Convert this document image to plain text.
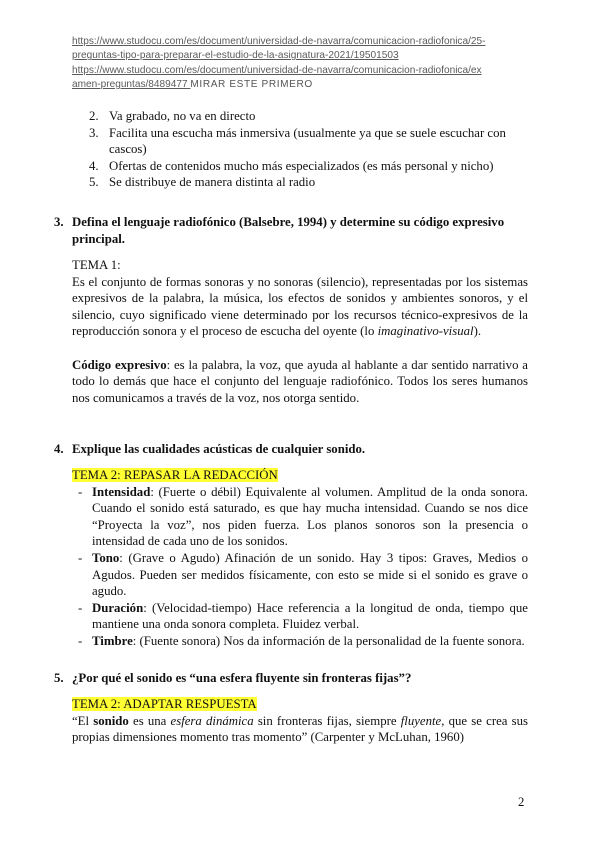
https://www.studocu.com/es/document/universidad-de-navarra/comunicacion-radiofonica/25-
preguntas-tipo-para-preparar-el-estudio-de-la-asignatura-2021/19501503
https://www.studocu.com/es/document/universidad-de-navarra/comunicacion-radiofonica/ex
amen-preguntas/8489477 MIRAR ESTE PRIMERO
2. Va grabado, no va en directo
3. Facilita una escucha más inmersiva (usualmente ya que se suele escuchar con cascos)
4. Ofertas de contenidos mucho más especializados (es más personal y nicho)
5. Se distribuye de manera distinta al radio
3. Defina el lenguaje radiofónico (Balsebre, 1994) y determine su código expresivo principal.
TEMA 1:
Es el conjunto de formas sonoras y no sonoras (silencio), representadas por los sistemas expresivos de la palabra, la música, los efectos de sonidos y ambientes sonoros, y el silencio, cuyo significado viene determinado por los recursos técnico-expresivos de la reproducción sonora y el proceso de escucha del oyente (lo imaginativo-visual).
Código expresivo: es la palabra, la voz, que ayuda al hablante a dar sentido narrativo a todo lo demás que hace el conjunto del lenguaje radiofónico. Todos los seres humanos nos comunicamos a través de la voz, nos otorga sentido.
4. Explique las cualidades acústicas de cualquier sonido.
TEMA 2: REPASAR LA REDACCIÓN
- Intensidad: (Fuerte o débil) Equivalente al volumen. Amplitud de la onda sonora. Cuando el sonido está saturado, es que hay mucha intensidad. Cuando se nos dice “Proyecta la voz”, nos piden fuerza. Los planos sonoros son la presencia o intensidad de cada uno de los sonidos.
- Tono: (Grave o Agudo) Afinación de un sonido. Hay 3 tipos: Graves, Medios o Agudos. Pueden ser medidos físicamente, con esto se mide si el sonido es grave o agudo.
- Duración: (Velocidad-tiempo) Hace referencia a la longitud de onda, tiempo que mantiene una onda sonora completa. Fluidez verbal.
- Timbre: (Fuente sonora) Nos da información de la personalidad de la fuente sonora.
5. ¿Por qué el sonido es “una esfera fluyente sin fronteras fijas”?
TEMA 2: ADAPTAR RESPUESTA
“El sonido es una esfera dinámica sin fronteras fijas, siempre fluyente, que se crea sus propias dimensiones momento tras momento” (Carpenter y McLuhan, 1960)
2
